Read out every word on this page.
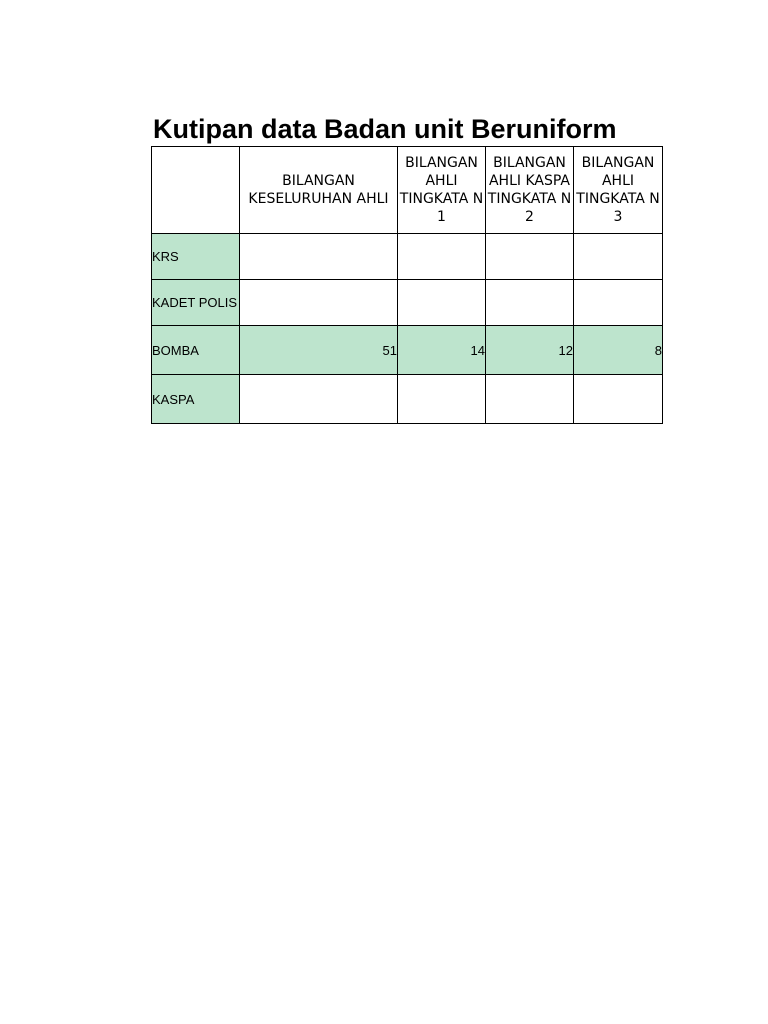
Kutipan data Badan unit Beruniform
	BILANGAN KESELURUHAN AHLI	BILANGAN AHLI TINGKATA N 1	BILANGAN AHLI KASPA TINGKATA N 2	BILANGAN AHLI TINGKATA N 3
KRS				
KADET POLIS				
BOMBA	51	14	12	8
KASPA				
